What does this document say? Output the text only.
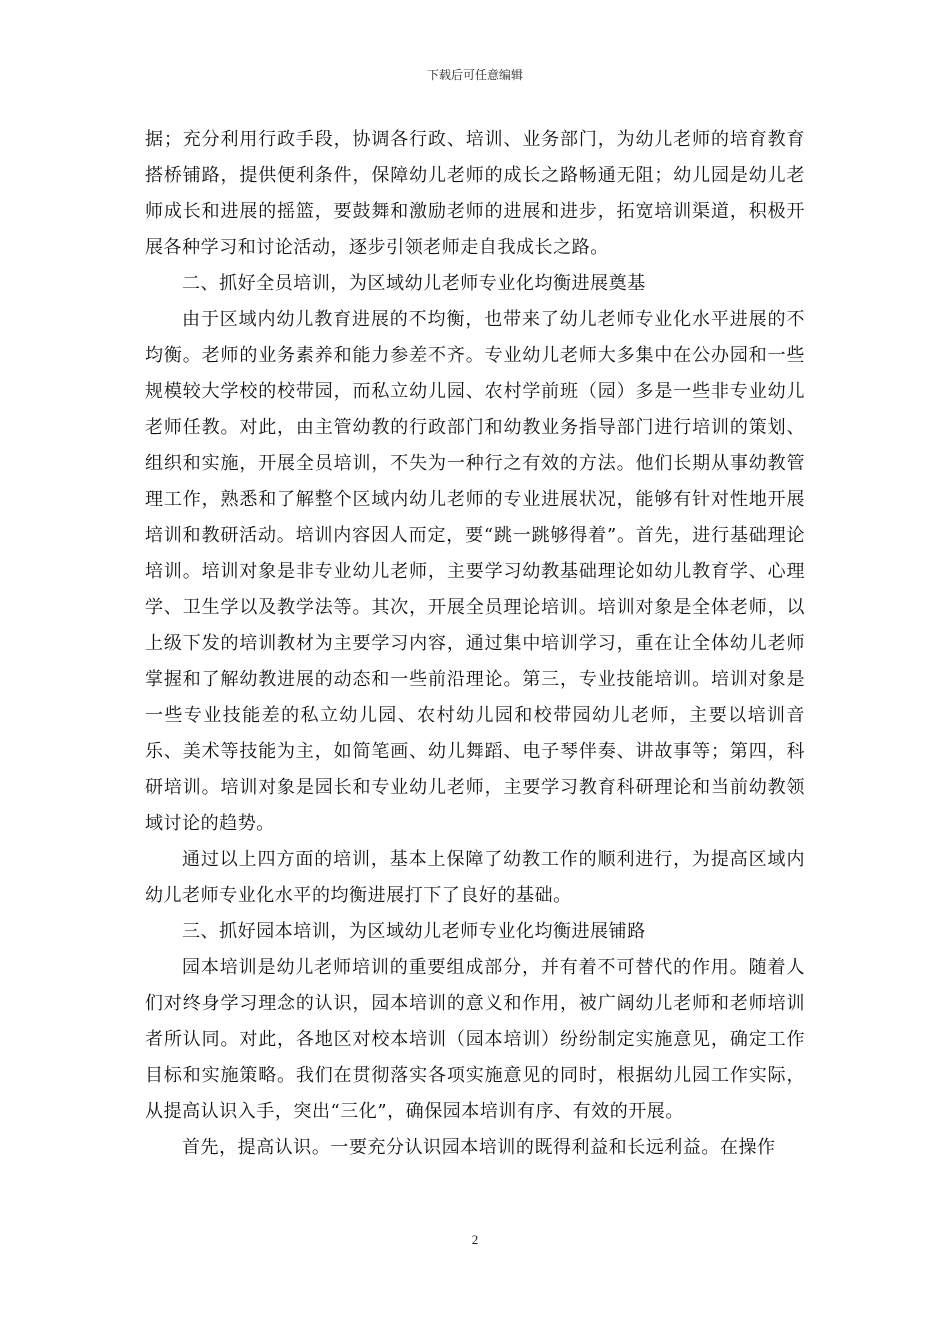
下载后可任意编辑

据；充分利用行政手段，协调各行政、培训、业务部门，为幼儿老师的培育教育搭桥铺路，提供便利条件，保障幼儿老师的成长之路畅通无阻；幼儿园是幼儿老师成长和进展的摇篮，要鼓舞和激励老师的进展和进步，拓宽培训渠道，积极开展各种学习和讨论活动，逐步引领老师走自我成长之路。

二、抓好全员培训，为区域幼儿老师专业化均衡进展奠基

由于区域内幼儿教育进展的不均衡，也带来了幼儿老师专业化水平进展的不均衡。老师的业务素养和能力参差不齐。专业幼儿老师大多集中在公办园和一些规模较大学校的校带园，而私立幼儿园、农村学前班（园）多是一些非专业幼儿老师任教。对此，由主管幼教的行政部门和幼教业务指导部门进行培训的策划、组织和实施，开展全员培训，不失为一种行之有效的方法。他们长期从事幼教管理工作，熟悉和了解整个区域内幼儿老师的专业进展状况，能够有针对性地开展培训和教研活动。培训内容因人而定，要“跳一跳够得着”。首先，进行基础理论培训。培训对象是非专业幼儿老师，主要学习幼教基础理论如幼儿教育学、心理学、卫生学以及教学法等。其次，开展全员理论培训。培训对象是全体老师，以上级下发的培训教材为主要学习内容，通过集中培训学习，重在让全体幼儿老师掌握和了解幼教进展的动态和一些前沿理论。第三，专业技能培训。培训对象是一些专业技能差的私立幼儿园、农村幼儿园和校带园幼儿老师，主要以培训音乐、美术等技能为主，如简笔画、幼儿舞蹈、电子琴伴奏、讲故事等；第四，科研培训。培训对象是园长和专业幼儿老师，主要学习教育科研理论和当前幼教领域讨论的趋势。

通过以上四方面的培训，基本上保障了幼教工作的顺利进行，为提高区域内幼儿老师专业化水平的均衡进展打下了良好的基础。

三、抓好园本培训，为区域幼儿老师专业化均衡进展铺路

园本培训是幼儿老师培训的重要组成部分，并有着不可替代的作用。随着人们对终身学习理念的认识，园本培训的意义和作用，被广阔幼儿老师和老师培训者所认同。对此，各地区对校本培训（园本培训）纷纷制定实施意见，确定工作目标和实施策略。我们在贯彻落实各项实施意见的同时，根据幼儿园工作实际，从提高认识入手，突出“三化”，确保园本培训有序、有效的开展。

首先，提高认识。一要充分认识园本培训的既得利益和长远利益。在操作

2
